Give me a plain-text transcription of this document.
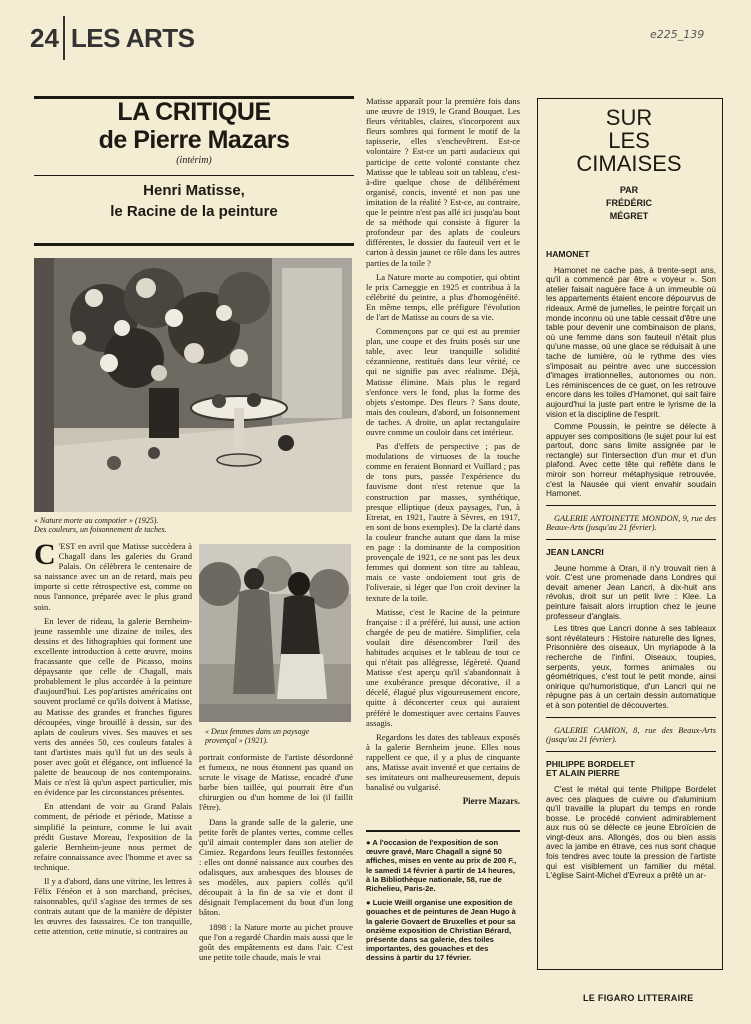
24 LES ARTS	e225_139
LA CRITIQUE
de Pierre Mazars
(intérim)
Henri Matisse,
le Racine de la peinture
« Nature morte au compotier » (1925).
Des couleurs, un foisonnement de taches.
« Deux femmes dans un paysage
provençal » (1921).

C 'EST en avril que Matisse succèdera à Chagall dans les galeries du Grand Palais. On célèbrera le centenaire de sa naissance avec un an de retard, mais peu importe si cette rétrospective est, comme on nous l'annonce, préparée avec le plus grand soin.

En lever de rideau, la galerie Bernheim-jeune rassemble une dizaine de toiles, des dessins et des lithographies qui forment une excellente introduction à cette œuvre, moins fracassante que celle de Picasso, moins dépaysante que celle de Chagall, mais probablement le plus accordée à la peinture d'aujourd'hui. Les pop'artistes américains ont souvent proclamé ce qu'ils doivent à Matisse, au Matisse des grandes et franches figures découpées, vinge brouillé à dessin, sur des aplats de couleurs vives. Ses mauves et ses verts des années 50, ces couleurs fatales à tant d'artistes mais qu'il fut un des seuls à poser avec goût et élégance, ont influencé la palette de beaucoup de nos contemporains. Mais ce n'est là qu'un aspect particulier, mis en évidence par les circonstances présentes.

En attendant de voir au Grand Palais comment, de période et période, Matisse a simplifié la peinture, comme le lui avait prédit Gustave Moreau, l'exposition de la galerie Bernheim-jeune nous permet de refaire connaissance avec l'homme et avec sa technique.

Il y a d'abord, dans une vitrine, les lettres à Félix Fénéon et à son marchand, précises, raisonnables, qu'il s'agisse des termes de ses contrats autant que de la manière de dépister les œuvres des faussaires. Ce ton tranquille, cette attention, cette minutie, si contraires au

portrait conformiste de l'artiste désordonné et fumeux, ne nous étonnent pas quand on scrute le visage de Matisse, encadré d'une barbe bien taillée, qui pourrait être d'un chirurgien ou d'un homme de loi (il faillit l'être).

Dans la grande salle de la galerie, une petite forêt de plantes vertes, comme celles qu'il aimait contempler dans son atelier de Cimiez. Regardons leurs feuilles festonnées : elles ont donné naissance aux courbes des odalisques, aux arabesques des blouses de ses modèles, aux papiers collés qu'il découpait à la fin de sa vie et dont il désignait l'emplacement du bout d'un long bâton.

1898 : la Nature morte au pichet prouve que l'on a regardé Chardin mais aussi que le goût des empâtements est dans l'air. C'est une petite toile chaude, mais le vrai

Matisse apparaît pour la première fois dans une œuvre de 1919, le Grand Bouquet. Les fleurs véritables, claires, s'incorporent aux fleurs sombres qui forment le motif de la tapisserie, elles s'enchevêtrent. Est-ce volontaire ? Est-ce un parti audacieux qui participe de cette volonté constante chez Matisse que le tableau soit un tableau, c'est-à-dire quelque chose de délibérément organisé, concis, inventé et non pas une imitation de la réalité ? Est-ce, au contraire, que le peintre n'est pas allé ici jusqu'au bout de sa méthode qui consiste à figurer la profondeur par des aplats de couleurs différentes, le dossier du fauteuil vert et le carton à dessin jaunet ce rôle dans les autres parties de la toile ?

La Nature morte au compotier, qui obtint le prix Carneggie en 1925 et contribua à la célébrité du peintre, a plus d'homogénéité. En même temps, elle préfigure l'évolution de l'art de Matisse au cours de sa vie.

Commençons par ce qui est au premier plan, une coupe et des fruits posés sur une table, avec leur tranquille solidité cézannienne, restitués dans leur vérité, ce qui ne signifie pas avec réalisme. Déjà, Matisse élimine. Mais plus le regard s'enfonce vers le fond, plus la forme des objets s'estompe. Des fleurs ? Sans doute, mais des couleurs, d'abord, un foisonnement de taches. A droite, un aplat rectangulaire ouvre comme un couloir dans cet intérieur.

Pas d'effets de perspective ; pas de modulations de virtuoses de la touche comme en feraient Bonnard et Vuillard ; pas de tons purs, passée l'expérience du fauvisme dont n'est retenue que la construction par masses, synthétique, presque elliptique (deux paysages, l'un, à Etretat, en 1921, l'autre à Sèvres, en 1917, en sont de bons exemples). De la clarté dans la couleur franche autant que dans la mise en page : la dominante de la composition provençale de 1921, ce ne sont pas les deux femmes qui donnent son titre au tableau, mais ce vaste ondoiement tout gris de l'oliveraie, si léger que l'on croit deviner la texture de la toile.

Matisse, c'est le Racine de la peinture française : il a préféré, lui aussi, une action chargée de peu de matière. Simplifier, cela voulait dire désencombrer l'œil des habitudes acquises et le tableau de tout ce qui n'était pas allégresse, légèreté. Quand Matisse s'est aperçu qu'il s'abandonnait à une exubérance presque décorative, il a décelé, élagué plus vigoureusement encore, quitte à déconcerter ceux qui auraient préféré le domestiquer avec certains Fauves assagis.

Regardons les dates des tableaux exposés à la galerie Bernheim jeune. Elles nous rappellent ce que, il y a plus de cinquante ans, Matisse avait inventé et que certains de ses imitateurs ont malheureusement, depuis banalisé ou vulgarisé.

Pierre Mazars.

● A l'occasion de l'exposition de son œuvre gravé, Marc Chagall a signé 50 affiches, mises en vente au prix de 200 F., le samedi 14 février à partir de 14 heures, à la Bibliothèque nationale, 58, rue de Richelieu, Paris-2e.

● Lucie Weill organise une exposition de gouaches et de peintures de Jean Hugo à la galerie Govaert de Bruxelles et pour sa onzième exposition de Christian Bérard, présente dans sa galerie, des toiles importantes, des gouaches et des dessins à partir du 17 février.

SUR
LES
CIMAISES
PAR
FRÉDÉRIC
MÉGRET
HAMONET

Hamonet ne cache pas, à trente-sept ans, qu'il a commencé par être « voyeur ». Son atelier faisait naguère face à un immeuble où les appartements étaient encore dépourvus de rideaux. Armé de jumelles, le peintre forçait un monde inconnu où une table cessait d'être une table pour devenir une combinaison de plans, où une femme dans son fauteuil n'était plus qu'une masse, où une glace se réduisait à une tache de lumière, où le rythme des vies s'imposait au peintre avec une succession d'images irrationnelles, autonomes ou non. Les réminiscences de ce guet, on les retrouve encore dans les toiles d'Hamonet, qui sait faire aujourd'hui la juste part entre le lyrisme de la vision et la discipline de l'esprit.

Comme Poussin, le peintre se délecte à appuyer ses compositions (le sujet pour lui est partout, donc sans limite assignée par le rectangle) sur l'intersection d'un mur et d'un plafond. Avec cette tête qui reflète dans le miroir son horreur métaphysique retrouvée, c'est la Nausée qui vient envahir soudain Hamonet.

GALERIE ANTOINETTE MONDON, 9, rue des Beaux-Arts (jusqu'au 21 février).
JEAN LANCRI

Jeune homme à Oran, il n'y trouvait rien à voir. C'est une promenade dans Londres qui devait amener Jean Lancri, à dix-huit ans révolus, droit sur un petit livre : Klee. La peinture faisait alors irruption chez le jeune professeur d'anglais.

Les titres que Lancri donne à ses tableaux sont révélateurs : Histoire naturelle des lignes, Prisonnière des oiseaux, Un myriapode à la recherche de l'infini. Oiseaux, toupies, serpents, yeux, formes animales ou géométriques, c'est tout le petit monde, ainsi onirique qu'humoristique, d'un Lancri qui ne répugne pas à un certain dessin automatique et à son potentiel de découvertes.

GALERIE CAMION, 8, rue des Beaux-Arts (jusqu'au 21 février).
PHILIPPE BORDELET
ET ALAIN PIERRE

C'est le métal qui tente Philippe Bordelet avec ces plaques de cuivre ou d'aluminium qu'il travaille la plupart du temps en ronde bosse. Le procédé convient admirablement aux nus où se délecte ce jeune Ebroïcien de vingt-deux ans. Allongés, dos ou bien assis avec la jambe en étrave, ces nus sont chaque fois tendres avec toute la pression de l'artiste qui est visiblement un familier du métal. L'église Saint-Michel d'Evreux a prêté un ar-

LE FIGARO LITTERAIRE
